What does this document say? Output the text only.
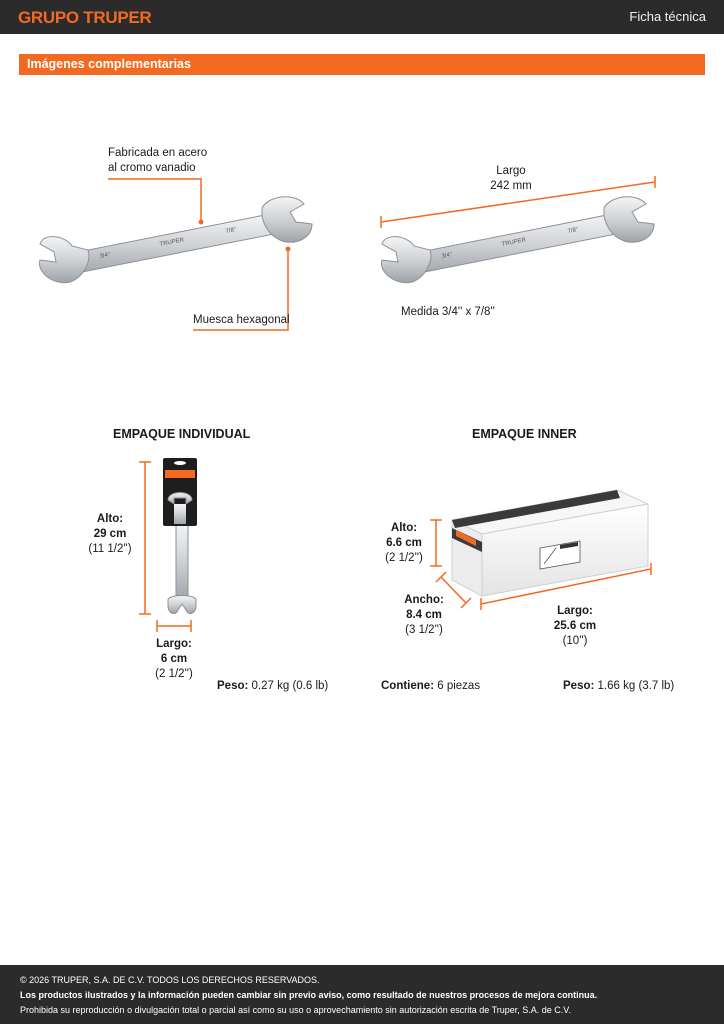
GRUPO TRUPER	Ficha técnica
Imágenes complementarias
3/4"
TRUPER
7/8"
3/4"
TRUPER
7/8"
Fabricada en acero
al cromo vanadio
Muesca hexagonal
Largo
242 mm
Medida 3/4'' x 7/8''
EMPAQUE INDIVIDUAL
Alto:
29 cm
(11 1/2'')
Largo:
6 cm
(2 1/2'')
Peso: 0.27 kg (0.6 lb)
EMPAQUE INNER
Alto:
6.6 cm
(2 1/2'')
Ancho:
8.4 cm
(3 1/2'')
Largo:
25.6 cm
(10'')
Contiene: 6 piezas	Peso: 1.66 kg (3.7 lb)
© 2026 TRUPER, S.A. DE C.V. TODOS LOS DERECHOS RESERVADOS.
Los productos ilustrados y la información pueden cambiar sin previo aviso, como resultado de nuestros procesos de mejora continua.
Prohibida su reproducción o divulgación total o parcial así como su uso o aprovechamiento sin autorización escrita de Truper, S.A. de C.V.
